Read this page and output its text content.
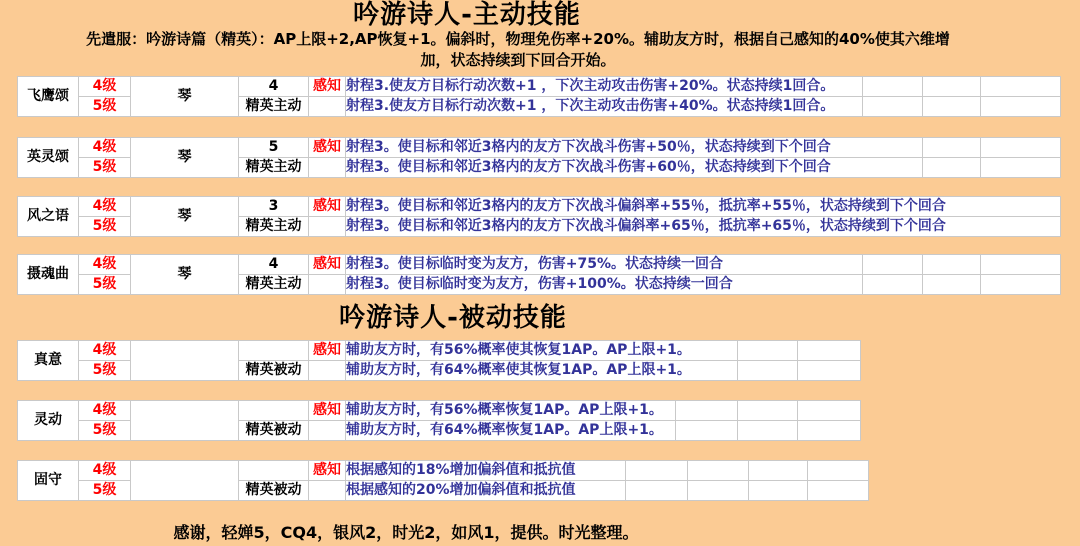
吟游诗人-主动技能
先遣服：吟游诗篇（精英）：AP上限+2,AP恢复+1。偏斜时，物理免伤率+20%。辅助友方时，根据自己感知的40%使其六维增
加，状态持续到下回合开始。
飞鹰颂	4级	琴	4	感知	射程3.使友方目标行动次数+1 ，下次主动攻击伤害+20%。状态持续1回合。			
	5级		精英主动		射程3.使友方目标行动次数+1 ，下次主动攻击伤害+40%。状态持续1回合。			
英灵颂	4级	琴	5	感知	射程3。使目标和邻近3格内的友方下次战斗伤害+50％，状态持续到下个回合		
	5级		精英主动		射程3。使目标和邻近3格内的友方下次战斗伤害+60％，状态持续到下个回合		
风之语	4级	琴	3	感知	射程3。使目标和邻近3格内的友方下次战斗偏斜率+55％，抵抗率+55％，状态持续到下个回合
	5级		精英主动		射程3。使目标和邻近3格内的友方下次战斗偏斜率+65％，抵抗率+65％，状态持续到下个回合
摄魂曲	4级	琴	4	感知	射程3。使目标临时变为友方，伤害+75%。状态持续一回合			
	5级		精英主动		射程3。使目标临时变为友方，伤害+100%。状态持续一回合			
吟游诗人-被动技能
真意	4级			感知	辅助友方时，有56%概率使其恢复1AP。AP上限+1。		
	5级		精英被动		辅助友方时，有64%概率使其恢复1AP。AP上限+1。		
灵动	4级			感知	辅助友方时，有56%概率恢复1AP。AP上限+1。			
	5级		精英被动		辅助友方时，有64%概率恢复1AP。AP上限+1。			
固守	4级			感知	根据感知的18%增加偏斜值和抵抗值				
	5级		精英被动		根据感知的20%增加偏斜值和抵抗值				
感谢，轻婵5，CQ4，银风2，时光2，如风1，提供。时光整理。
